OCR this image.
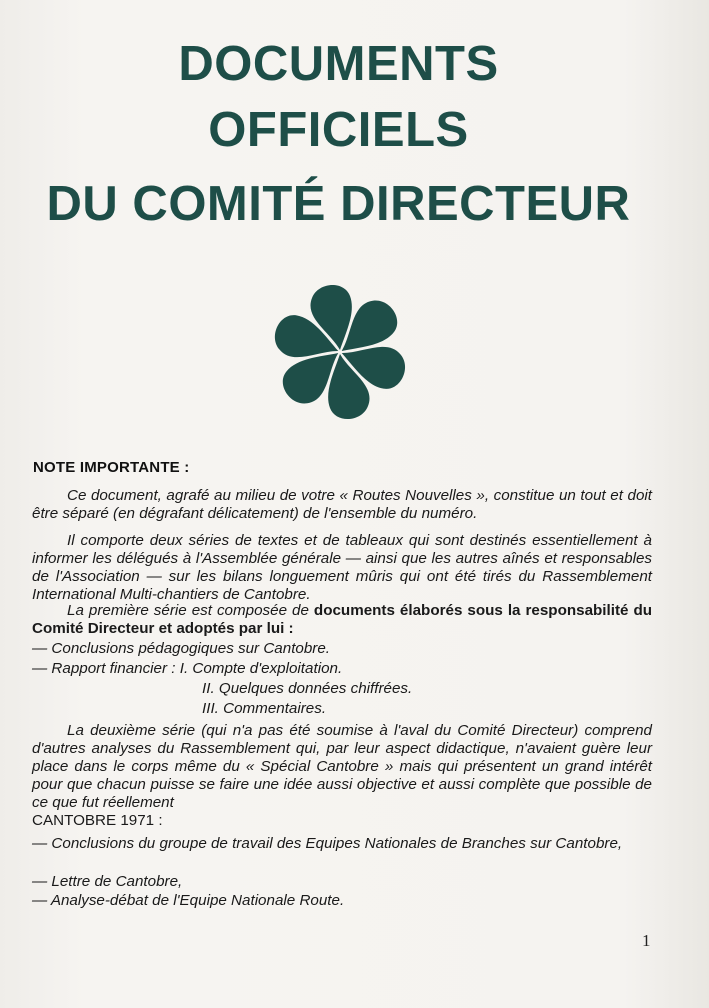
DOCUMENTS
OFFICIELS
DU COMITÉ DIRECTEUR
NOTE IMPORTANTE :
Ce document, agrafé au milieu de votre « Routes Nouvelles », constitue un tout et doit être séparé (en dégrafant délicatement) de l'ensemble du numéro.
Il comporte deux séries de textes et de tableaux qui sont destinés essentiellement à informer les délégués à l'Assemblée générale — ainsi que les autres aînés et responsables de l'Association — sur les bilans longuement mûris qui ont été tirés du Rassemblement International Multi-chantiers de Cantobre.
La première série est composée de documents élaborés sous la responsabilité du Comité Directeur et adoptés par lui :
— Conclusions pédagogiques sur Cantobre.
— Rapport financier : I. Compte d'exploitation.
II. Quelques données chiffrées.
III. Commentaires.
La deuxième série (qui n'a pas été soumise à l'aval du Comité Directeur) comprend d'autres analyses du Rassemblement qui, par leur aspect didactique, n'avaient guère leur place dans le corps même du « Spécial Cantobre » mais qui présentent un grand intérêt pour que chacun puisse se faire une idée aussi objective et aussi complète que possible de ce que fut réellement
CANTOBRE 1971 :
— Conclusions du groupe de travail des Equipes Nationales de Branches sur Cantobre,
— Lettre de Cantobre,
— Analyse-débat de l'Equipe Nationale Route.
1
